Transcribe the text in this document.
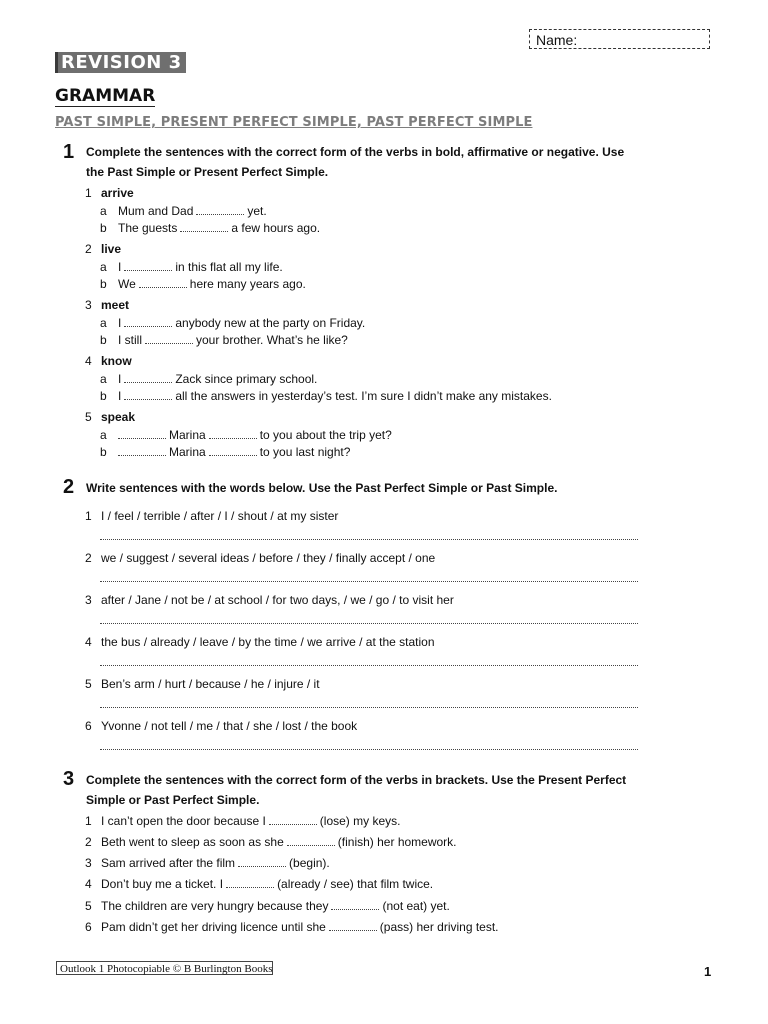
Name:
REVISION 3
GRAMMAR
PAST SIMPLE, PRESENT PERFECT SIMPLE, PAST PERFECT SIMPLE
1 Complete the sentences with the correct form of the verbs in bold, affirmative or negative. Use
the Past Simple or Present Perfect Simple.
1 arrive
a Mum and Dad	yet.
b The guests	a few hours ago.
2 live
a I	in this flat all my life.
b We	here many years ago.
3 meet
a I	anybody new at the party on Friday.
b I still	your brother. What’s he like?
4 know
a I	Zack since primary school.
b I	all the answers in yesterday’s test. I’m sure I didn’t make any mistakes.
5 speak
a	Marina	to you about the trip yet?
b	Marina	to you last night?
2 Write sentences with the words below. Use the Past Perfect Simple or Past Simple.
1 I / feel / terrible / after / I / shout / at my sister
2 we / suggest / several ideas / before / they / finally accept / one
3 after / Jane / not be / at school / for two days, / we / go / to visit her
4 the bus / already / leave / by the time / we arrive / at the station
5 Ben’s arm / hurt / because / he / injure / it
6 Yvonne / not tell / me / that / she / lost / the book
3 Complete the sentences with the correct form of the verbs in brackets. Use the Present Perfect
Simple or Past Perfect Simple.
1 I can’t open the door because I	(lose) my keys.
2 Beth went to sleep as soon as she	(finish) her homework.
3 Sam arrived after the film	(begin).
4 Don’t buy me a ticket. I	(already / see) that film twice.
5 The children are very hungry because they	(not eat) yet.
6 Pam didn’t get her driving licence until she	(pass) her driving test.
Outlook 1 Photocopiable © B Burlington Books	1
